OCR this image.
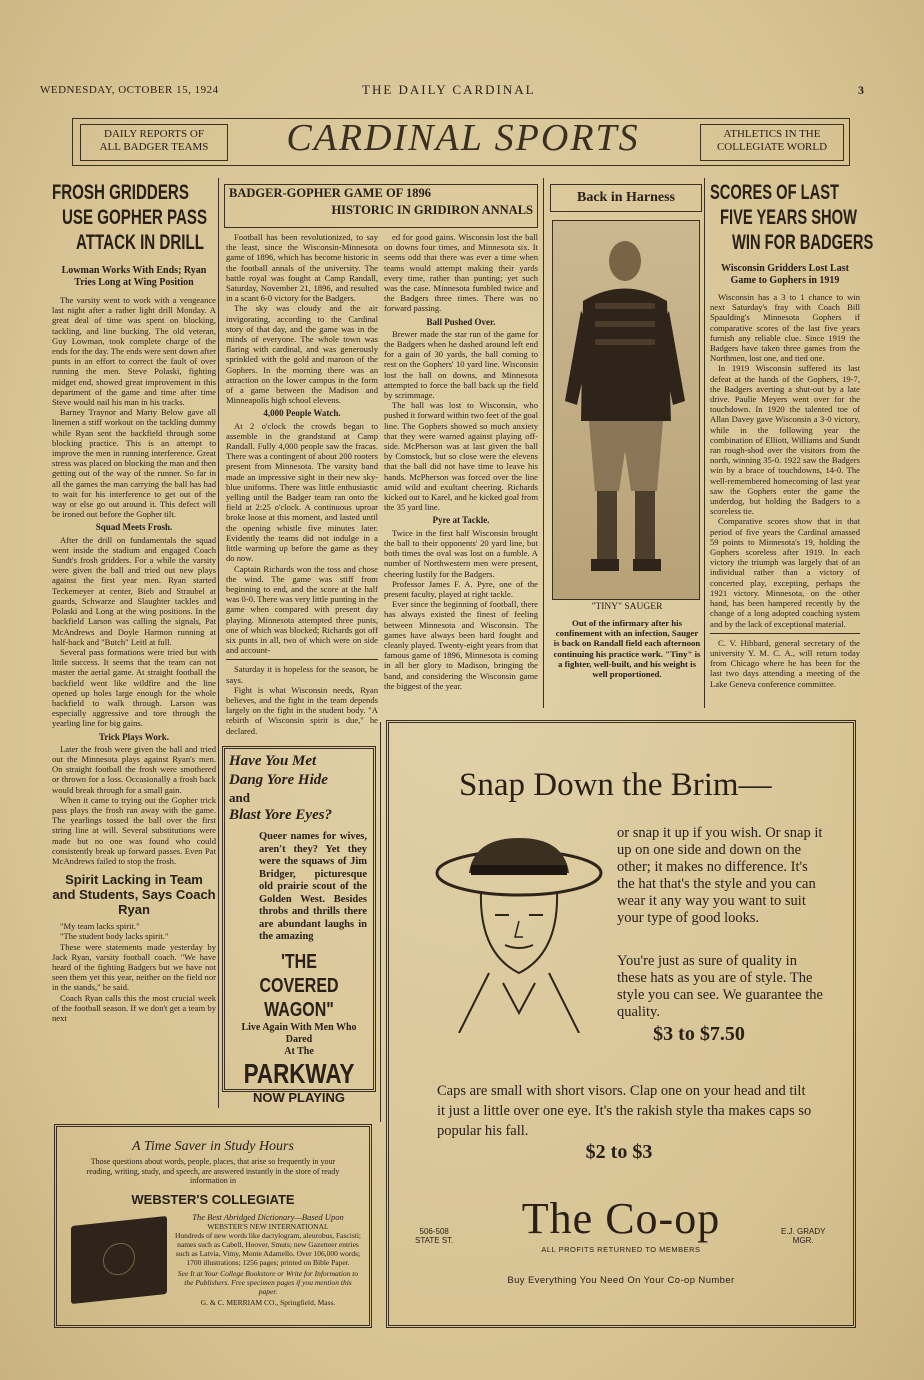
WEDNESDAY, OCTOBER 15, 1924	THE DAILY CARDINAL	3
DAILY REPORTS OF
ALL BADGER TEAMS	CARDINAL SPORTS	ATHLETICS IN THE
COLLEGIATE WORLD
FROSH GRIDDERS
USE GOPHER PASS
ATTACK IN DRILL
Lowman Works With Ends; Ryan Tries Long at Wing Position

The varsity went to work with a vengeance last night after a rather light drill Monday. A great deal of time was spent on blocking, tackling, and line bucking. The old veteran, Guy Lowman, took complete charge of the ends for the day. The ends were sent down after punts in an effort to correct the fault of over running the men. Steve Polaski, fighting midget end, showed great improvement in this department of the game and time after time Steve would nail his man in his tracks.

Barney Traynor and Marty Below gave all linemen a stiff workout on the tackling dummy while Ryan sent the backfield through some blocking practice. This is an attempt to improve the men in running interference. Great stress was placed on blocking the man and then getting out of the way of the runner. So far in all the games the man carrying the ball has had to wait for his interference to get out of the way or else go out around it. This defect will be ironed out before the Gopher tilt.

Squad Meets Frosh.

After the drill on fundamentals the squad went inside the stadium and engaged Coach Sundt's frosh gridders. For a while the varsity were given the ball and tried out new plays against the first year men. Ryan started Teckemeyer at center, Bieb and Straubel at guards, Schwarze and Slaughter tackles and Polaski and Long at the wing positions. In the backfield Larson was calling the signals, Pat McAndrews and Doyle Harmon running at half-back and "Butch" Leitl at full.

Several pass formations were tried but with little success. It seems that the team can not master the aerial game. At straight football the backfield went like wildfire and the line opened up holes large enough for the whole backfield to walk through. Larson was especially aggressive and tore through the yearling line for big gains.

Trick Plays Work.

Later the frosh were given the ball and tried out the Minnesota plays against Ryan's men. On straight football the frosh were smothered or thrown for a loss. Occasionally a frosh back would break through for a small gain.

When it came to trying out the Gopher trick pass plays the frosh ran away with the game. The yearlings tossed the ball over the first string line at will. Several substitutions were made but no one was found who could consistently break up forward passes. Even Pat McAndrews failed to stop the frosh.

Spirit Lacking in Team and Students, Says Coach Ryan

"My team lacks spirit."

"The student body lacks spirit."

These were statements made yesterday by Jack Ryan, varsity football coach. "We have heard of the fighting Badgers but we have not seen them yet this year, neither on the field nor in the stands," he said.

Coach Ryan calls this the most crucial week of the football season. If we don't get a team by next

BADGER-GOPHER GAME OF 1896
HISTORIC IN GRIDIRON ANNALS

Football has been revolutionized, to say the least, since the Wisconsin-Minnesota game of 1896, which has become historic in the football annals of the university. The battle royal was fought at Camp Randall, Saturday, November 21, 1896, and resulted in a scant 6-0 victory for the Badgers.

The sky was cloudy and the air invigorating, according to the Cardinal story of that day, and the game was in the minds of everyone. The whole town was flaring with cardinal, and was generously sprinkled with the gold and maroon of the Gophers. In the morning there was an attraction on the lower campus in the form of a game between the Madison and Minneapolis high school elevens.

4,000 People Watch.

At 2 o'clock the crowds began to assemble in the grandstand at Camp Randall. Fully 4,000 people saw the fracas. There was a contingent of about 200 rooters present from Minnesota. The varsity band made an impressive sight in their new sky-blue uniforms. There was little enthusiastic yelling until the Badger team ran onto the field at 2:25 o'clock. A continuous uproar broke loose at this moment, and lasted until the opening whistle five minutes later. Evidently the teams did not indulge in a little warming up before the game as they do now.

Captain Richards won the toss and chose the wind. The game was stiff from beginning to end, and the score at the half was 0-0. There was very little punting in the game when compared with present day playing. Minnesota attempted three punts, one of which was blocked; Richards got off six punts in all, two of which were on side and account-

Saturday it is hopeless for the season, he says.

Fight is what Wisconsin needs, Ryan believes, and the fight in the team depends largely on the fight in the student body. "A rebirth of Wisconsin spirit is due," he declared.

ed for good gains. Wisconsin lost the ball on downs four times, and Minnesota six. It seems odd that there was ever a time when teams would attempt making their yards every time, rather than punting; yet such was the case. Minnesota fumbled twice and the Badgers three times. There was no forward passing.

Ball Pushed Over.

Brewer made the star run of the game for the Badgers when he dashed around left end for a gain of 30 yards, the ball coming to rest on the Gophers' 10 yard line. Wisconsin lost the ball on downs, and Minnesota attempted to force the ball back up the field by scrimmage.

The ball was lost to Wisconsin, who pushed it forward within two feet of the goal line. The Gophers showed so much anxiety that they were warned against playing off-side. McPherson was at last given the ball by Comstock, but so close were the elevens that the ball did not have time to leave his hands. McPherson was forced over the line amid wild and exultant cheering. Richards kicked out to Karel, and he kicked goal from the 35 yard line.

Pyre at Tackle.

Twice in the first half Wisconsin brought the ball to their opponents' 20 yard line, but both times the oval was lost on a fumble. A number of Northwestern men were present, cheering lustily for the Badgers.

Professor James F. A. Pyre, one of the present faculty, played at right tackle.

Ever since the beginning of football, there has always existed the finest of feeling between Minnesota and Wisconsin. The games have always been hard fought and cleanly played. Twenty-eight years from that famous game of 1896, Minnesota is coming in all her glory to Madison, bringing the band, and considering the Wisconsin game the biggest of the year.

Back in Harness
"TINY" SAUGER
Out of the infirmary after his confinement with an infection, Sauger is back on Randall field each afternoon continuing his practice work. "Tiny" is a fighter, well-built, and his weight is well proportioned.
SCORES OF LAST
FIVE YEARS SHOW
WIN FOR BADGERS
Wisconsin Gridders Lost Last Game to Gophers in 1919

Wisconsin has a 3 to 1 chance to win next Saturday's fray with Coach Bill Spaulding's Minnesota Gophers if comparative scores of the last five years furnish any reliable clue. Since 1919 the Badgers have taken three games from the Northmen, lost one, and tied one.

In 1919 Wisconsin suffered its last defeat at the hands of the Gophers, 19-7, the Badgers averting a shut-out by a late drive. Paulie Meyers went over for the touchdown. In 1920 the talented toe of Allan Davey gave Wisconsin a 3-0 victory, while in the following year the combination of Elliott, Williams and Sundt ran rough-shod over the visitors from the north, winning 35-0. 1922 saw the Badgers win by a brace of touchdowns, 14-0. The well-remembered homecoming of last year saw the Gophers enter the game the underdog, but holding the Badgers to a scoreless tie.

Comparative scores show that in that period of five years the Cardinal amassed 59 points to Minnesota's 19, holding the Gophers scoreless after 1919. In each victory the triumph was largely that of an individual rather than a victory of concerted play, excepting, perhaps the 1921 victory. Minnesota, on the other hand, has been hampered recently by the change of a long adopted coaching system and by the lack of exceptional material.

C. V. Hibbard, general secretary of the university Y. M. C. A., will return today from Chicago where he has been for the last two days attending a meeting of the Lake Geneva conference committee.

Have You Met
Dang Yore Hide
and
Blast Yore Eyes?
Queer names for wives, aren't they? Yet they were the squaws of Jim Bridger, picturesque old prairie scout of the Golden West. Besides throbs and thrills there are abundant laughs in the amazing
'THE COVERED
WAGON"
Live Again With Men Who
Dared
At The
PARKWAY
NOW PLAYING
A Time Saver in Study Hours
Those questions about words, people, places, that arise so frequently in your reading, writing, study, and speech, are answered instantly in the store of ready information in
WEBSTER'S COLLEGIATE
The Best Abridged Dictionary—Based Upon
WEBSTER'S NEW INTERNATIONAL
Hundreds of new words like dactylogram, aleurobus, Fascisti; names such as Cabell, Hoover, Smuts; new Gazetteer entries such as Latvia, Vimy, Monte Adamello. Over 106,000 words; 1700 illustrations; 1256 pages; printed on Bible Paper.
See It at Your College Bookstore or Write for Information to the Publishers. Free specimen pages if you mention this paper.
G. & C. MERRIAM CO., Springfield, Mass.
Snap Down the Brim—
or snap it up if you wish. Or snap it up on one side and down on the other; it makes no difference. It's the hat that's the style and you can wear it any way you want to suit your type of good looks.
You're just as sure of quality in these hats as you are of style. The style you can see. We guarantee the quality.
$3 to $7.50
Caps are small with short visors. Clap one on your head and tilt it just a little over one eye. It's the rakish style tha makes caps so popular his fall.
$2 to $3
506-508
STATE ST.	The Co-op
ALL PROFITS RETURNED TO MEMBERS
E.J. GRADY
MGR.
Buy Everything You Need On Your Co-op Number
